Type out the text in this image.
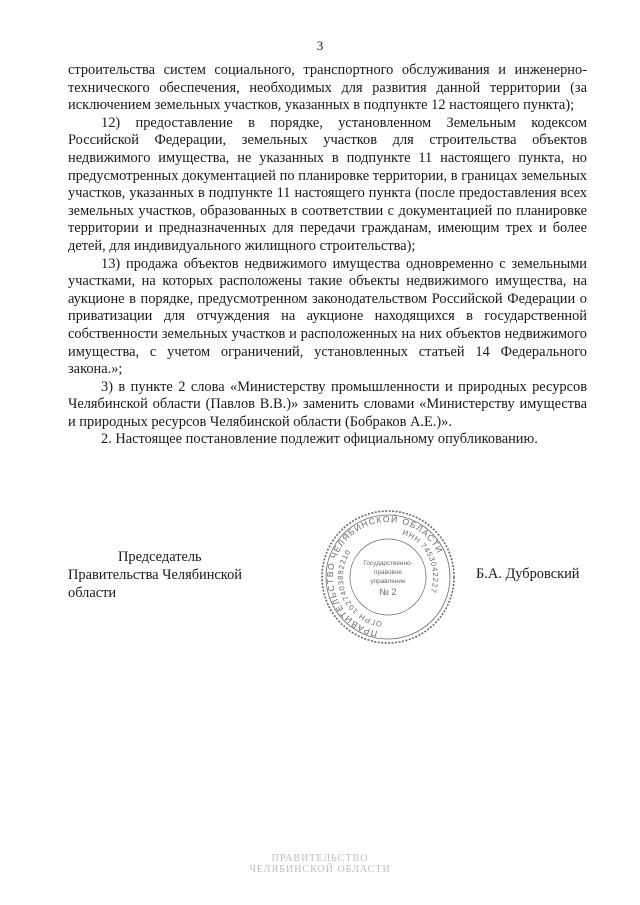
3

строительства систем социального, транспортного обслуживания и инженерно-технического обеспечения, необходимых для развития данной территории (за исключением земельных участков, указанных в подпункте 12 настоящего пункта);

12) предоставление в порядке, установленном Земельным кодексом Российской Федерации, земельных участков для строительства объектов недвижимого имущества, не указанных в подпункте 11 настоящего пункта, но предусмотренных документацией по планировке территории, в границах земельных участков, указанных в подпункте 11 настоящего пункта (после предоставления всех земельных участков, образованных в соответствии с документацией по планировке территории и предназначенных для передачи гражданам, имеющим трех и более детей, для индивидуального жилищного строительства);

13) продажа объектов недвижимого имущества одновременно с земельными участками, на которых расположены такие объекты недвижимого имущества, на аукционе в порядке, предусмотренном законодательством Российской Федерации о приватизации для отчуждения на аукционе находящихся в государственной собственности земельных участков и расположенных на них объектов недвижимого имущества, с учетом ограничений, установленных статьей 14 Федерального закона.»;

3) в пункте 2 слова «Министерству промышленности и природных ресурсов Челябинской области (Павлов В.В.)» заменить словами «Министерству имущества и природных ресурсов Челябинской области (Бобраков А.Е.)».

2. Настоящее постановление подлежит официальному опубликованию.

Председатель
Правительства Челябинской области
ПРАВИТЕЛЬСТВО ЧЕЛЯБИНСКОЙ ОБЛАСТИ
ОГРН 1027403882210
ИНН 7453042227
Государственно-
правовое
управление
№ 2
Б.А. Дубровский
ПРАВИТЕЛЬСТВО
ЧЕЛЯБИНСКОЙ ОБЛАСТИ
